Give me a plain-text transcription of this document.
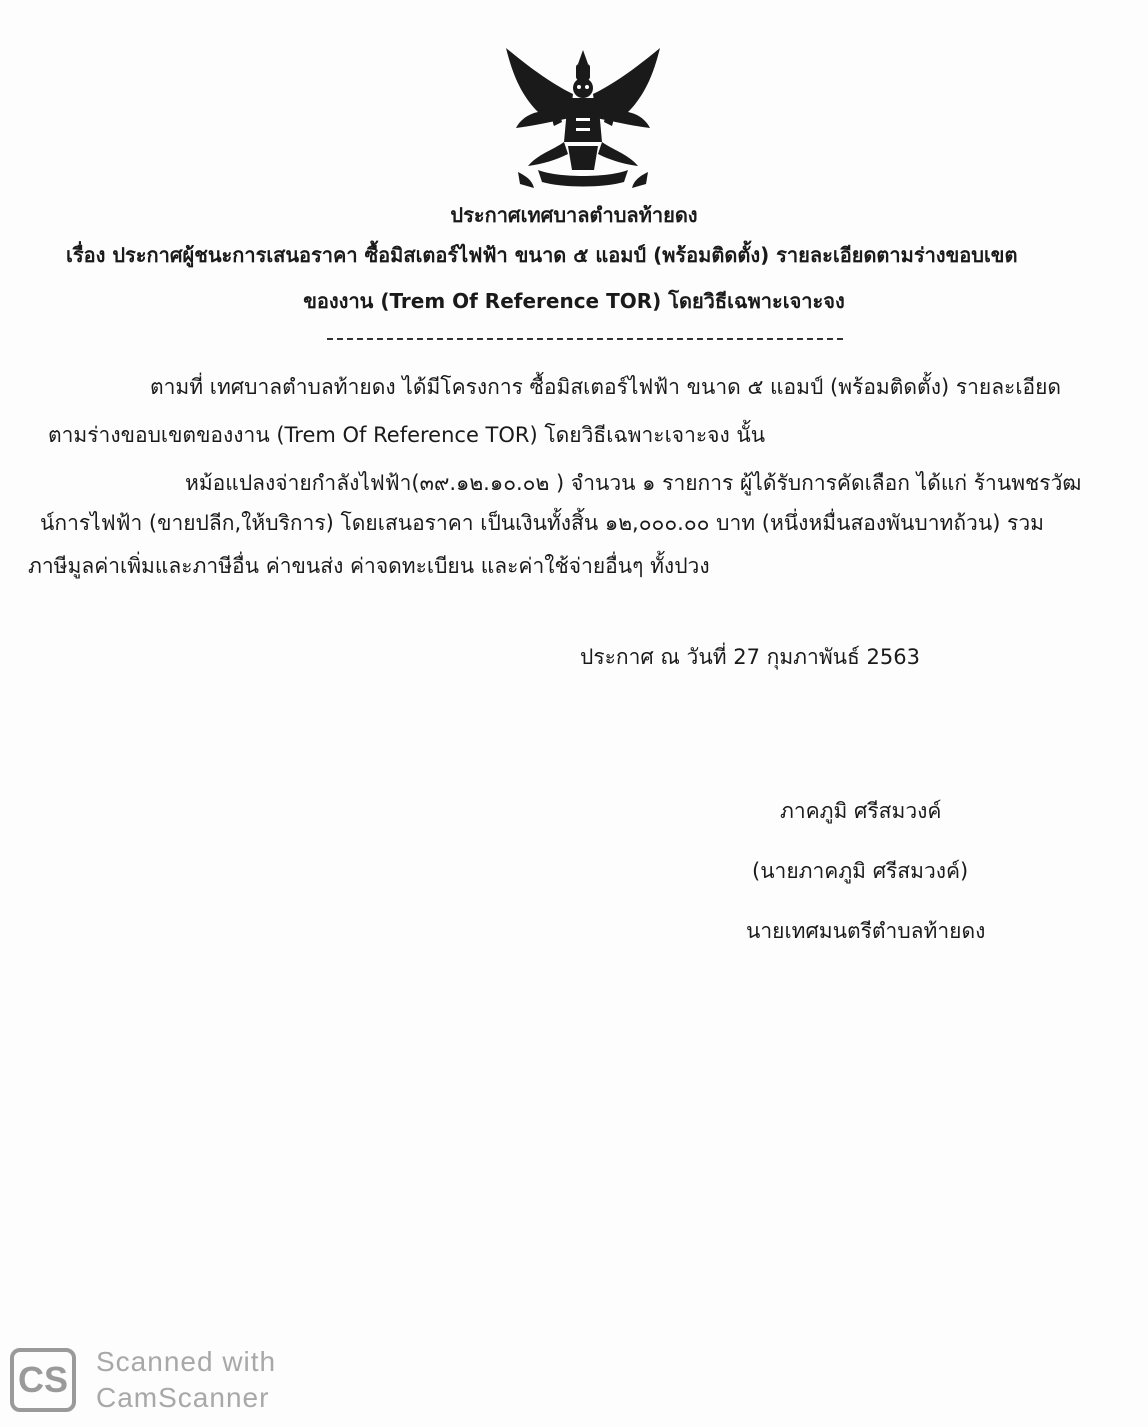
ประกาศเทศบาลตำบลท้ายดง
เรื่อง ประกาศผู้ชนะการเสนอราคา ซื้อมิสเตอร์ไฟฟ้า ขนาด ๕ แอมป์ (พร้อมติดตั้ง) รายละเอียดตามร่างขอบเขต
ของงาน (Trem Of Reference TOR) โดยวิธีเฉพาะเจาะจง
ตามที่ เทศบาลตำบลท้ายดง ได้มีโครงการ ซื้อมิสเตอร์ไฟฟ้า ขนาด ๕ แอมป์ (พร้อมติดตั้ง) รายละเอียด
ตามร่างขอบเขตของงาน (Trem Of Reference TOR) โดยวิธีเฉพาะเจาะจง นั้น
หม้อแปลงจ่ายกำลังไฟฟ้า(๓๙.๑๒.๑๐.๐๒ ) จำนวน ๑ รายการ ผู้ได้รับการคัดเลือก ได้แก่ ร้านพชรวัฒ
น์การไฟฟ้า (ขายปลีก,ให้บริการ) โดยเสนอราคา เป็นเงินทั้งสิ้น ๑๒,๐๐๐.๐๐ บาท (หนึ่งหมื่นสองพันบาทถ้วน) รวม
ภาษีมูลค่าเพิ่มและภาษีอื่น ค่าขนส่ง ค่าจดทะเบียน และค่าใช้จ่ายอื่นๆ ทั้งปวง
ประกาศ ณ วันที่ 27 กุมภาพันธ์ 2563
ภาคภูมิ ศรีสมวงค์
(นายภาคภูมิ ศรีสมวงค์)
นายเทศมนตรีตำบลท้ายดง
CS Scanned with
CamScanner
